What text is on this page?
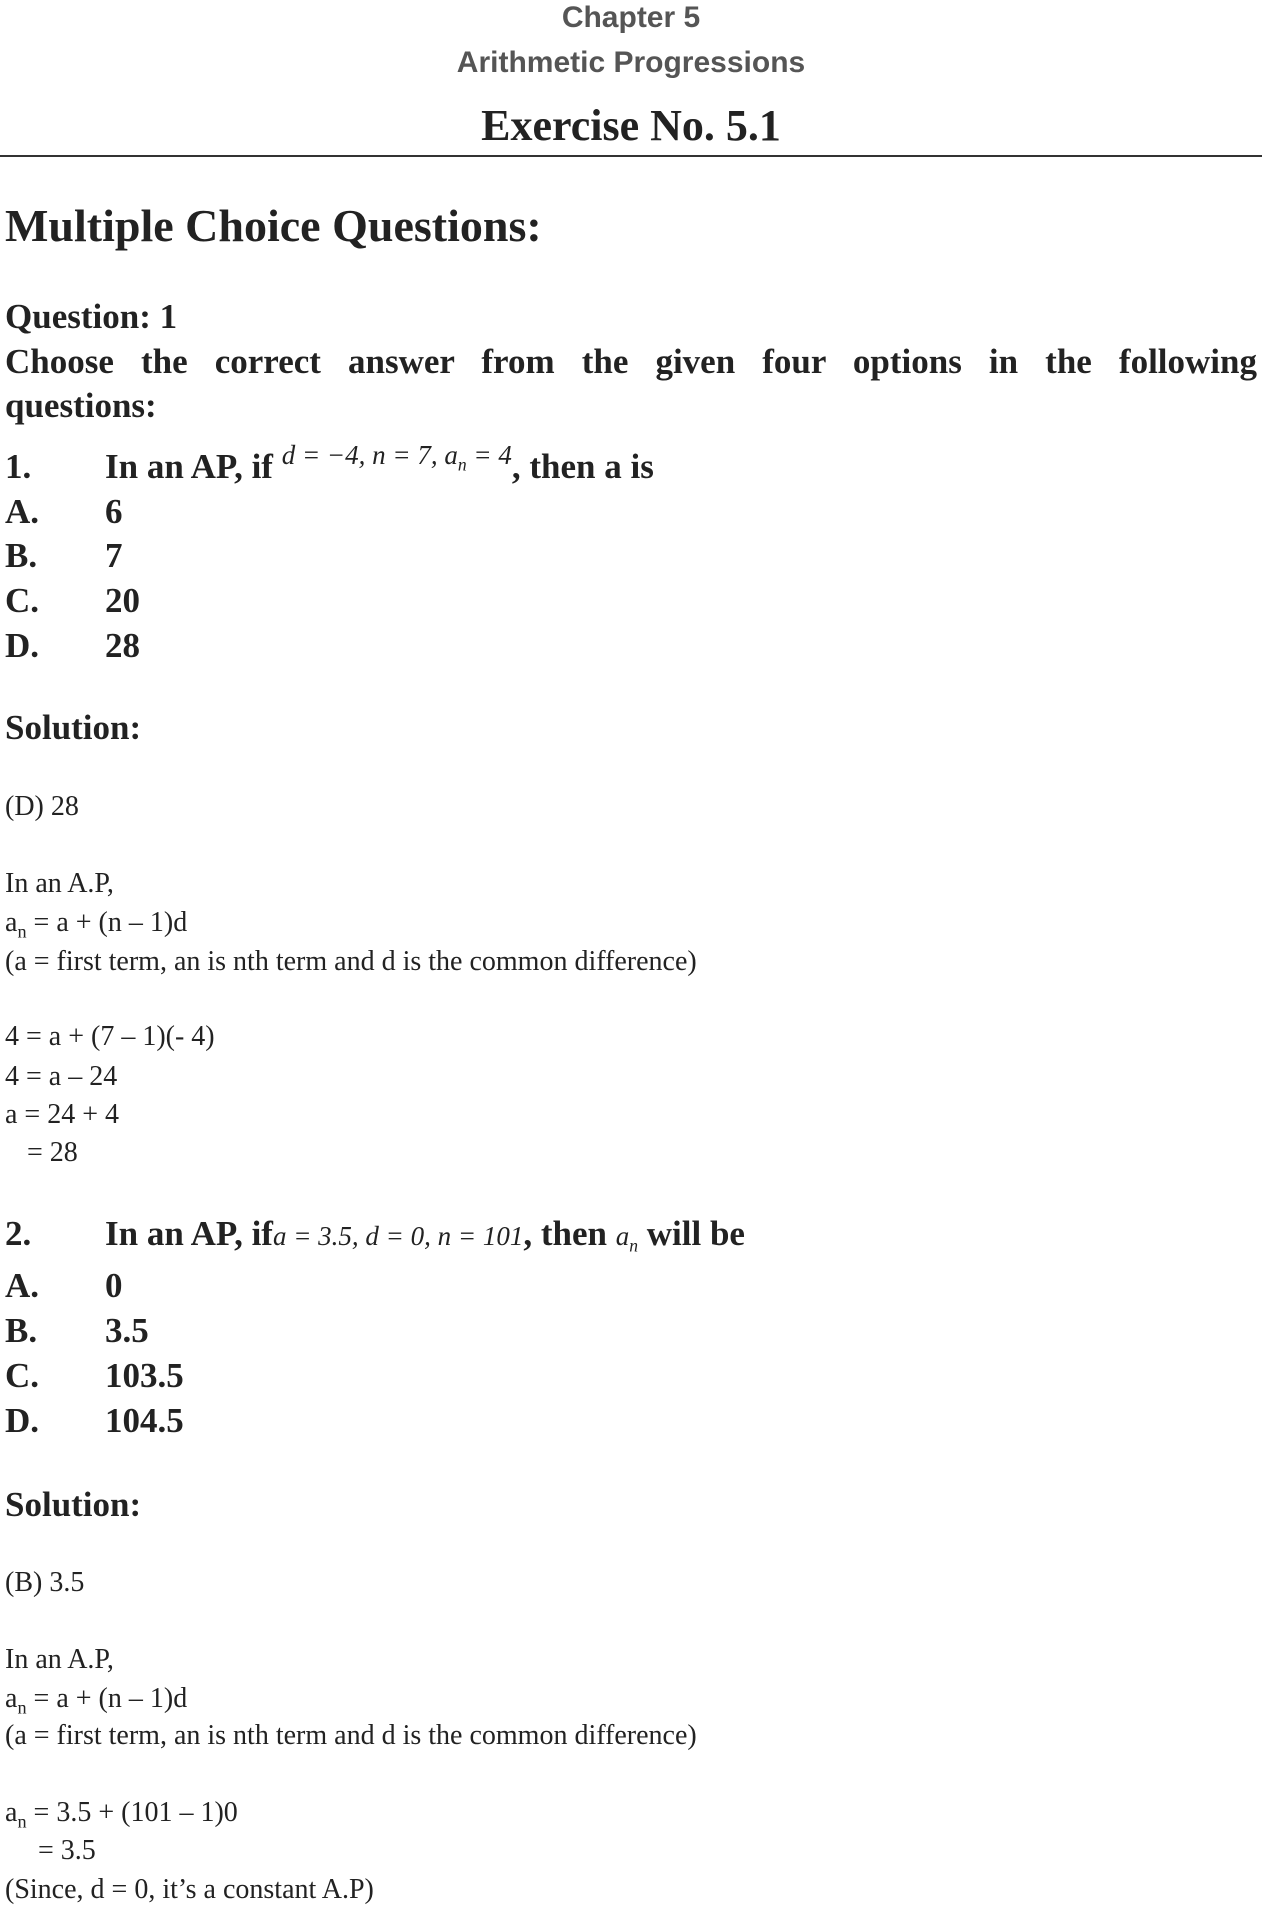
Chapter 5
Arithmetic Progressions
Exercise No. 5.1
Multiple Choice Questions:
Question: 1
Choose the correct answer from the given four options in the following
questions:
1. In an AP, if $^{d = -4, n = 7, a_n = 4}$, then a is
A. 6
B. 7
C. 20
D. 28
Solution:
(D) 28
In an A.P,
$a_n = a + (n - 1)d$
(a = first term, an is nth term and d is the common difference)
4 = a + (7 – 1)(- 4)
4 = a – 24
a = 24 + 4
= 28
2. In an AP, ifa = 3.5, d = 0, n = 101, then $a_n$ will be
A. 0
B. 3.5
C. 103.5
D. 104.5
Solution:
(B) 3.5
In an A.P,
$a_n = a + (n - 1)d$
(a = first term, an is nth term and d is the common difference)
$a_n = 3.5 + (101 - 1)0$
= 3.5
(Since, d = 0, it’s a constant A.P)
